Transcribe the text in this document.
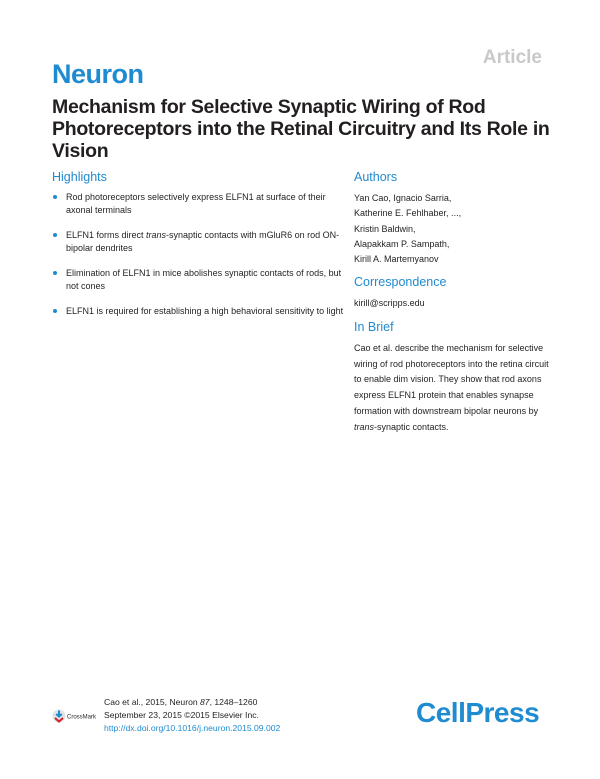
Article
Neuron
Mechanism for Selective Synaptic Wiring of Rod Photoreceptors into the Retinal Circuitry and Its Role in Vision
Highlights
Rod photoreceptors selectively express ELFN1 at surface of their axonal terminals
ELFN1 forms direct trans-synaptic contacts with mGluR6 on rod ON-bipolar dendrites
Elimination of ELFN1 in mice abolishes synaptic contacts of rods, but not cones
ELFN1 is required for establishing a high behavioral sensitivity to light
Authors

Yan Cao, Ignacio Sarria,

Katherine E. Fehlhaber, ...,

Kristin Baldwin,

Alapakkam P. Sampath,

Kirill A. Martemyanov

Correspondence

kirill@scripps.edu

In Brief

Cao et al. describe the mechanism for selective wiring of rod photoreceptors into the retina circuit to enable dim vision. They show that rod axons express ELFN1 protein that enables synapse formation with downstream bipolar neurons by
trans-synaptic contacts.

CrossMark
Cao et al., 2015, Neuron 87, 1248–1260
September 23, 2015 ©2015 Elsevier Inc.
http://dx.doi.org/10.1016/j.neuron.2015.09.002	CellPress
